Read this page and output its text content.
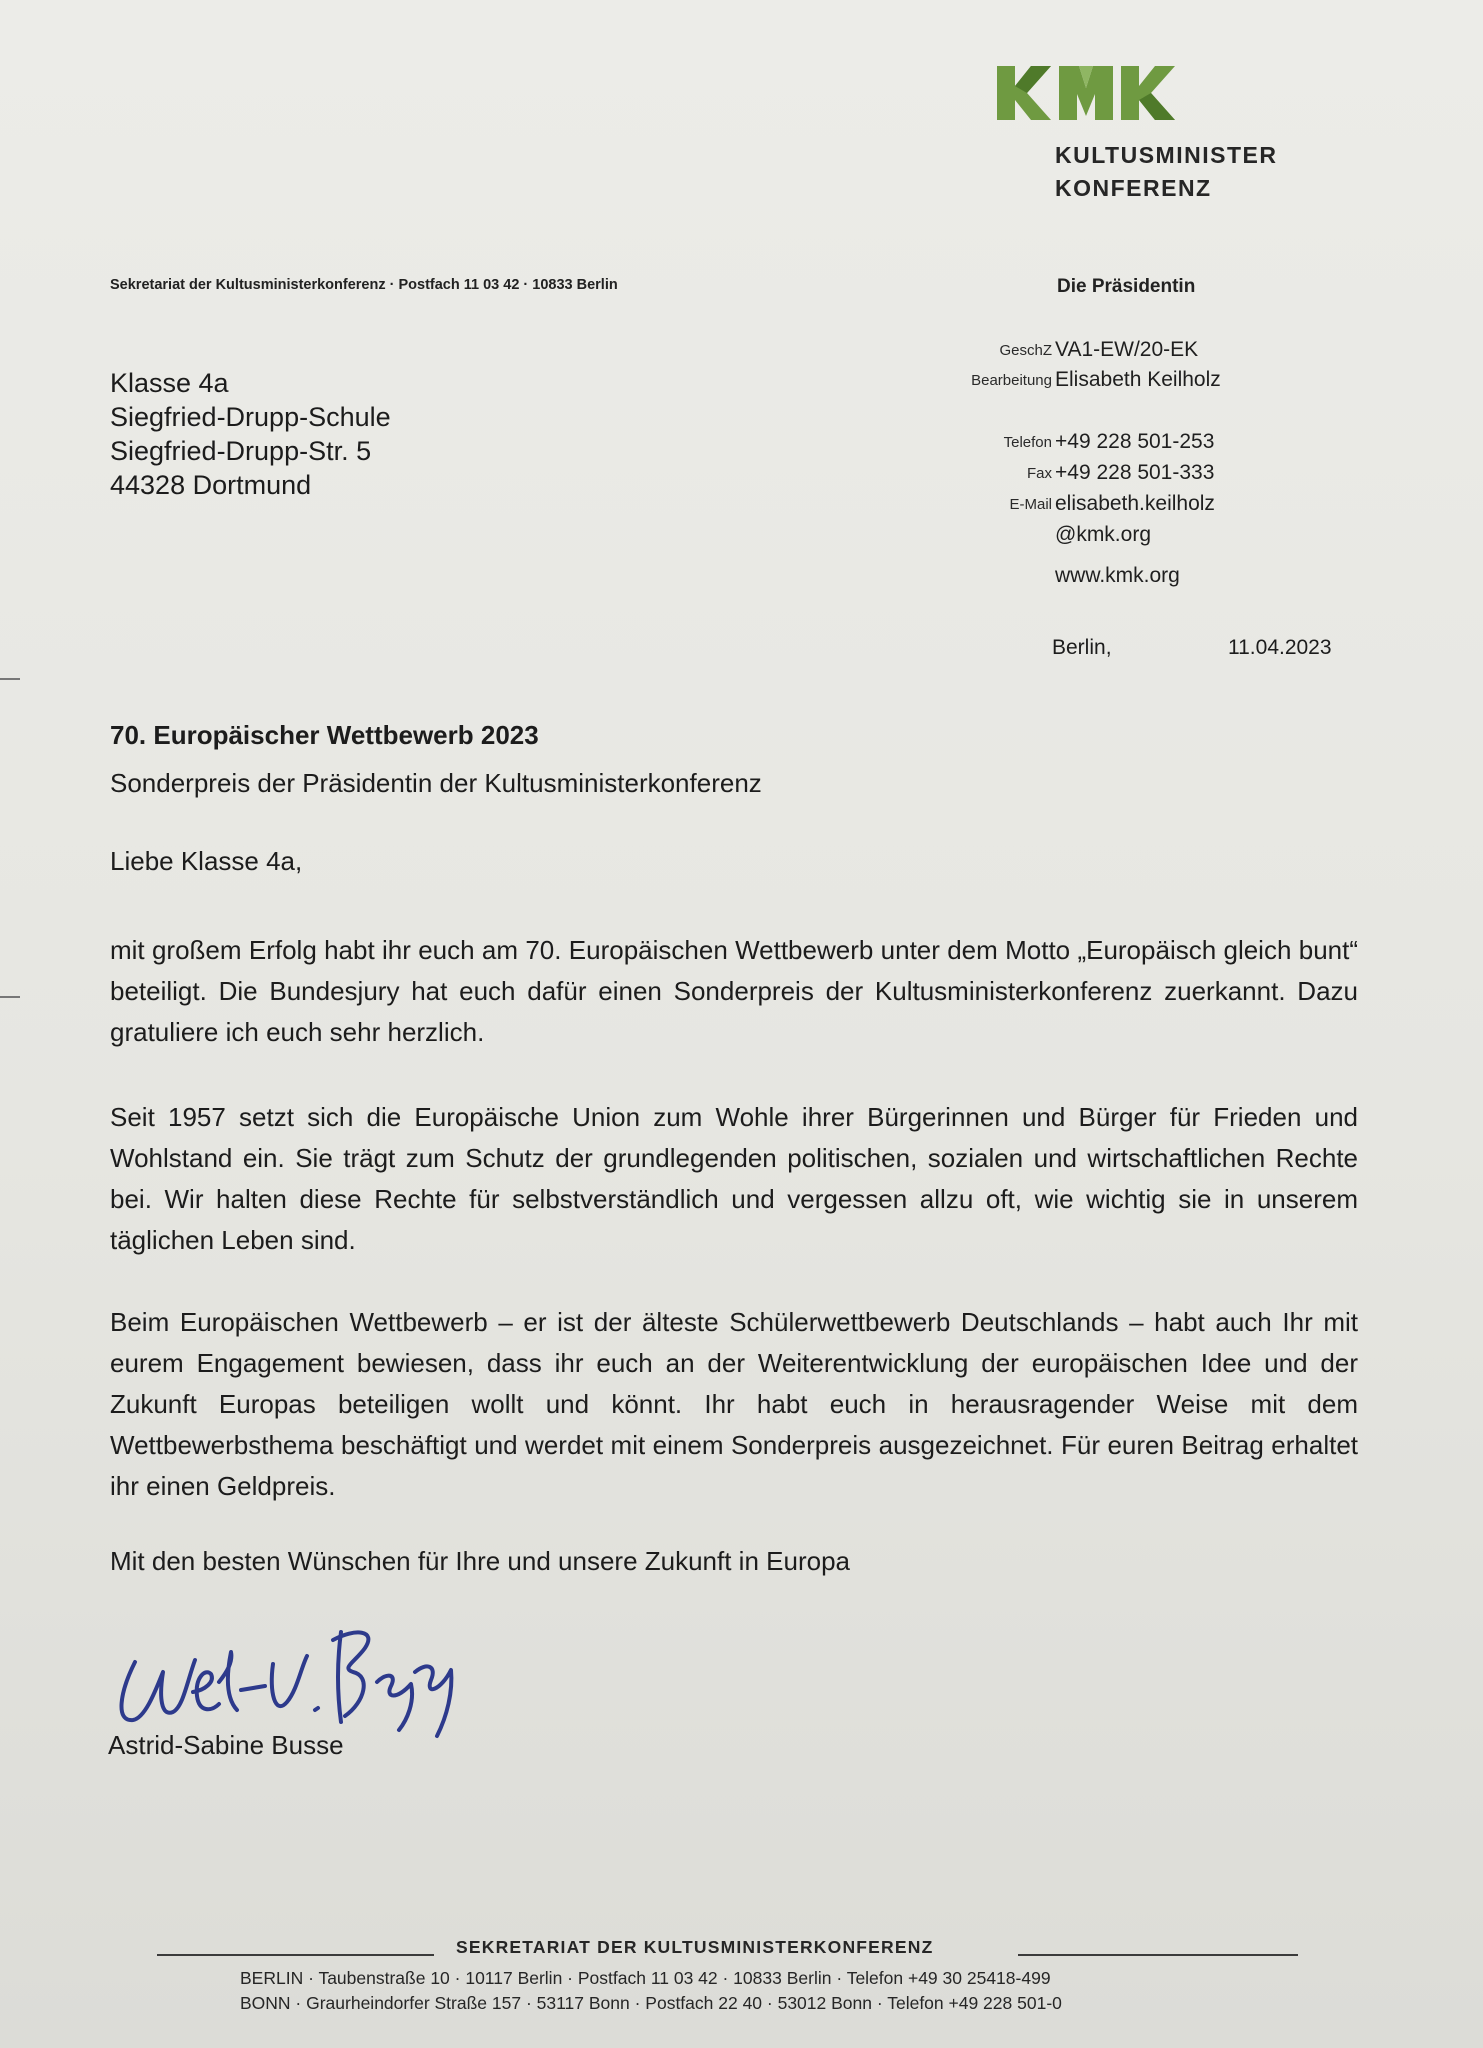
KULTUSMINISTER
KONFERENZ
Sekretariat der Kultusministerkonferenz · Postfach 11 03 42 · 10833 Berlin	Die Präsidentin
Klasse 4a
Siegfried-Drupp-Schule
Siegfried-Drupp-Str. 5
44328 Dortmund
GeschZ VA1-EW/20-EK
Bearbeitung Elisabeth Keilholz
Telefon +49 228 501-253
Fax +49 228 501-333
E-Mail elisabeth.keilholz
@kmk.org
www.kmk.org
Berlin,	11.04.2023
70. Europäischer Wettbewerb 2023
Sonderpreis der Präsidentin der Kultusministerkonferenz
Liebe Klasse 4a,
mit großem Erfolg habt ihr euch am 70. Europäischen Wettbewerb unter dem Motto „Europäisch gleich bunt“ beteiligt. Die Bundesjury hat euch dafür einen Sonderpreis der Kultusministerkonferenz zuerkannt. Dazu gratuliere ich euch sehr herzlich.
Seit 1957 setzt sich die Europäische Union zum Wohle ihrer Bürgerinnen und Bürger für Frieden und Wohlstand ein. Sie trägt zum Schutz der grundlegenden politischen, sozialen und wirtschaftlichen Rechte bei. Wir halten diese Rechte für selbstverständlich und vergessen allzu oft, wie wichtig sie in unserem täglichen Leben sind.
Beim Europäischen Wettbewerb – er ist der älteste Schülerwettbewerb Deutschlands – habt auch Ihr mit eurem Engagement bewiesen, dass ihr euch an der Weiterentwicklung der europäischen Idee und der Zukunft Europas beteiligen wollt und könnt. Ihr habt euch in herausragender Weise mit dem Wettbewerbsthema beschäftigt und werdet mit einem Sonderpreis ausgezeichnet. Für euren Beitrag erhaltet ihr einen Geldpreis.
Mit den besten Wünschen für Ihre und unsere Zukunft in Europa
Astrid-Sabine Busse
SEKRETARIAT DER KULTUSMINISTERKONFERENZ
BERLIN · Taubenstraße 10 · 10117 Berlin · Postfach 11 03 42 · 10833 Berlin · Telefon +49 30 25418-499
BONN · Graurheindorfer Straße 157 · 53117 Bonn · Postfach 22 40 · 53012 Bonn · Telefon +49 228 501-0
